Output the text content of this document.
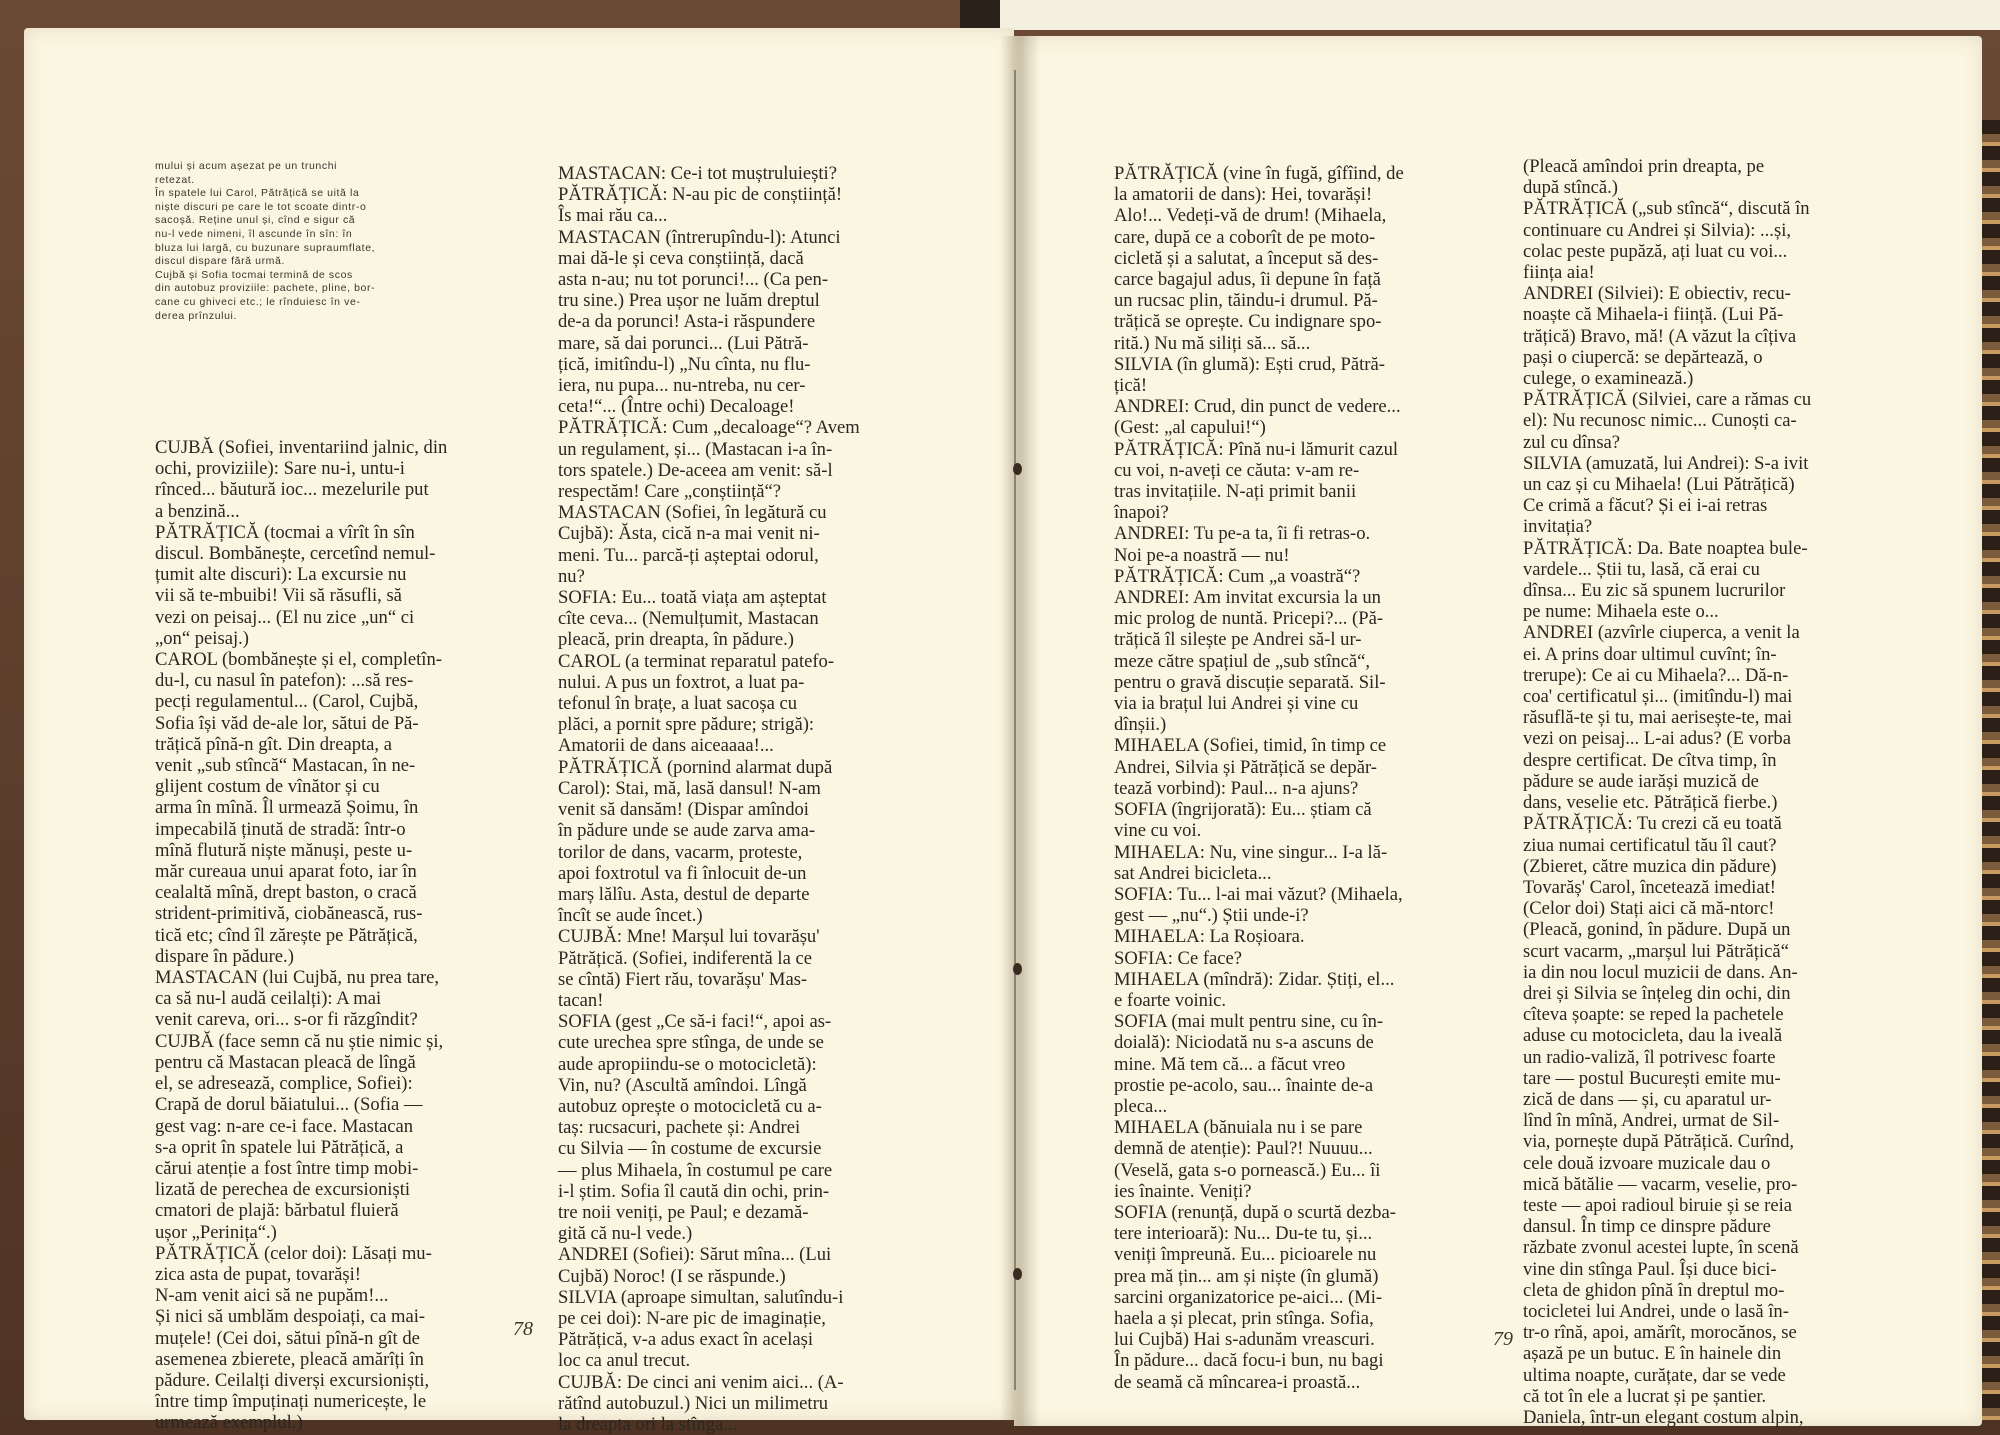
mului și acum așezat pe un trunchi
retezat.
În spatele lui Carol, Pătrățică se uită la
niște discuri pe care le tot scoate dintr-o
sacoșă. Reține unul și, cînd e sigur că
nu-l vede nimeni, îl ascunde în sîn: în
bluza lui largă, cu buzunare supraumflate,
discul dispare fără urmă.
Cujbă și Sofia tocmai termină de scos
din autobuz proviziile: pachete, pline, bor-
cane cu ghiveci etc.; le rînduiesc în ve-
derea prînzului.
CUJBĂ (Sofiei, inventariind jalnic, din
ochi, proviziile): Sare nu-i, untu-i
rînced... băutură ioc... mezelurile put
a benzină...
PĂTRĂȚICĂ (tocmai a vîrît în sîn
discul. Bombănește, cercetînd nemul-
țumit alte discuri): La excursie nu
vii să te-mbuibi! Vii să răsufli, să
vezi on peisaj... (El nu zice „un“ ci
„on“ peisaj.)
CAROL (bombănește și el, completîn-
du-l, cu nasul în patefon): ...să res-
pecți regulamentul... (Carol, Cujbă,
Sofia își văd de-ale lor, sătui de Pă-
trățică pînă-n gît. Din dreapta, a
venit „sub stîncă“ Mastacan, în ne-
glijent costum de vînător și cu
arma în mînă. Îl urmează Șoimu, în
impecabilă ținută de stradă: într-o
mînă flutură niște mănuși, peste u-
măr cureaua unui aparat foto, iar în
cealaltă mînă, drept baston, o cracă
strident-primitivă, ciobănească, rus-
tică etc; cînd îl zărește pe Pătrățică,
dispare în pădure.)
MASTACAN (lui Cujbă, nu prea tare,
ca să nu-l audă ceilalți): A mai
venit careva, ori... s-or fi răzgîndit?
CUJBĂ (face semn că nu știe nimic și,
pentru că Mastacan pleacă de lîngă
el, se adresează, complice, Sofiei):
Crapă de dorul băiatului... (Sofia —
gest vag: n-are ce-i face. Mastacan
s-a oprit în spatele lui Pătrățică, a
cărui atenție a fost între timp mobi-
lizată de perechea de excursioniști
cmatori de plajă: bărbatul fluieră
ușor „Perinița“.)
PĂTRĂȚICĂ (celor doi): Lăsați mu-
zica asta de pupat, tovarăși!
N-am venit aici să ne pupăm!...
Și nici să umblăm despoiați, ca mai-
muțele! (Cei doi, sătui pînă-n gît de
asemenea zbierete, pleacă amărîți în
pădure. Ceilalți diverși excursioniști,
între timp împuținați numericește, le
urmează exemplul.)
MASTACAN: Ce-i tot muștruluiești?
PĂTRĂȚICĂ: N-au pic de conștiință!
Îs mai rău ca...
MASTACAN (întrerupîndu-l): Atunci
mai dă-le și ceva conștiință, dacă
asta n-au; nu tot porunci!... (Ca pen-
tru sine.) Prea ușor ne luăm dreptul
de-a da porunci! Asta-i răspundere
mare, să dai porunci... (Lui Pătră-
țică, imitîndu-l) „Nu cînta, nu flu-
iera, nu pupa... nu-ntreba, nu cer-
ceta!“... (Între ochi) Decaloage!
PĂTRĂȚICĂ: Cum „decaloage“? Avem
un regulament, și... (Mastacan i-a în-
tors spatele.) De-aceea am venit: să-l
respectăm! Care „conștiință“?
MASTACAN (Sofiei, în legătură cu
Cujbă): Ăsta, cică n-a mai venit ni-
meni. Tu... parcă-ți așteptai odorul,
nu?
SOFIA: Eu... toată viața am așteptat
cîte ceva... (Nemulțumit, Mastacan
pleacă, prin dreapta, în pădure.)
CAROL (a terminat reparatul patefo-
nului. A pus un foxtrot, a luat pa-
tefonul în brațe, a luat sacoșa cu
plăci, a pornit spre pădure; strigă):
Amatorii de dans aiceaaaa!...
PĂTRĂȚICĂ (pornind alarmat după
Carol): Stai, mă, lasă dansul! N-am
venit să dansăm! (Dispar amîndoi
în pădure unde se aude zarva ama-
torilor de dans, vacarm, proteste,
apoi foxtrotul va fi înlocuit de-un
marș lălîu. Asta, destul de departe
încît se aude încet.)
CUJBĂ: Mne! Marșul lui tovarășu'
Pătrățică. (Sofiei, indiferentă la ce
se cîntă) Fiert rău, tovarășu' Mas-
tacan!
SOFIA (gest „Ce să-i faci!“, apoi as-
cute urechea spre stînga, de unde se
aude apropiindu-se o motocicletă):
Vin, nu? (Ascultă amîndoi. Lîngă
autobuz oprește o motocicletă cu a-
taș: rucsacuri, pachete și: Andrei
cu Silvia — în costume de excursie
— plus Mihaela, în costumul pe care
i-l știm. Sofia îl caută din ochi, prin-
tre noii veniți, pe Paul; e dezamă-
gită că nu-l vede.)
ANDREI (Sofiei): Sărut mîna... (Lui
Cujbă) Noroc! (I se răspunde.)
SILVIA (aproape simultan, salutîndu-i
pe cei doi): N-are pic de imaginație,
Pătrățică, v-a adus exact în același
loc ca anul trecut.
CUJBĂ: De cinci ani venim aici... (A-
rătînd autobuzul.) Nici un milimetru
la dreapta ori la stînga...
78
PĂTRĂȚICĂ (vine în fugă, gîfîind, de
la amatorii de dans): Hei, tovarăși!
Alo!... Vedeți-vă de drum! (Mihaela,
care, după ce a coborît de pe moto-
cicletă și a salutat, a început să des-
carce bagajul adus, îi depune în față
un rucsac plin, tăindu-i drumul. Pă-
trățică se oprește. Cu indignare spo-
rită.) Nu mă siliți să... să...
SILVIA (în glumă): Ești crud, Pătră-
țică!
ANDREI: Crud, din punct de vedere...
(Gest: „al capului!“)
PĂTRĂȚICĂ: Pînă nu-i lămurit cazul
cu voi, n-aveți ce căuta: v-am re-
tras invitațiile. N-ați primit banii
înapoi?
ANDREI: Tu pe-a ta, îi fi retras-o.
Noi pe-a noastră — nu!
PĂTRĂȚICĂ: Cum „a voastră“?
ANDREI: Am invitat excursia la un
mic prolog de nuntă. Pricepi?... (Pă-
trățică îl silește pe Andrei să-l ur-
meze către spațiul de „sub stîncă“,
pentru o gravă discuție separată. Sil-
via ia brațul lui Andrei și vine cu
dînșii.)
MIHAELA (Sofiei, timid, în timp ce
Andrei, Silvia și Pătrățică se depăr-
tează vorbind): Paul... n-a ajuns?
SOFIA (îngrijorată): Eu... știam că
vine cu voi.
MIHAELA: Nu, vine singur... I-a lă-
sat Andrei bicicleta...
SOFIA: Tu... l-ai mai văzut? (Mihaela,
gest — „nu“.) Știi unde-i?
MIHAELA: La Roșioara.
SOFIA: Ce face?
MIHAELA (mîndră): Zidar. Știți, el...
e foarte voinic.
SOFIA (mai mult pentru sine, cu în-
doială): Niciodată nu s-a ascuns de
mine. Mă tem că... a făcut vreo
prostie pe-acolo, sau... înainte de-a
pleca...
MIHAELA (bănuiala nu i se pare
demnă de atenție): Paul?! Nuuuu...
(Veselă, gata s-o pornească.) Eu... îi
ies înainte. Veniți?
SOFIA (renunță, după o scurtă dezba-
tere interioară): Nu... Du-te tu, și...
veniți împreună. Eu... picioarele nu
prea mă țin... am și niște (în glumă)
sarcini organizatorice pe-aici... (Mi-
haela a și plecat, prin stînga. Sofia,
lui Cujbă) Hai s-adunăm vreascuri.
În pădure... dacă focu-i bun, nu bagi
de seamă că mîncarea-i proastă...
(Pleacă amîndoi prin dreapta, pe
după stîncă.)
PĂTRĂȚICĂ („sub stîncă“, discută în
continuare cu Andrei și Silvia): ...și,
colac peste pupăză, ați luat cu voi...
ființa aia!
ANDREI (Silviei): E obiectiv, recu-
noaște că Mihaela-i ființă. (Lui Pă-
trățică) Bravo, mă! (A văzut la cîțiva
pași o ciupercă: se depărtează, o
culege, o examinează.)
PĂTRĂȚICĂ (Silviei, care a rămas cu
el): Nu recunosc nimic... Cunoști ca-
zul cu dînsa?
SILVIA (amuzată, lui Andrei): S-a ivit
un caz și cu Mihaela! (Lui Pătrățică)
Ce crimă a făcut? Și ei i-ai retras
invitația?
PĂTRĂȚICĂ: Da. Bate noaptea bule-
vardele... Știi tu, lasă, că erai cu
dînsa... Eu zic să spunem lucrurilor
pe nume: Mihaela este o...
ANDREI (azvîrle ciuperca, a venit la
ei. A prins doar ultimul cuvînt; în-
trerupe): Ce ai cu Mihaela?... Dă-n-
coa' certificatul și... (imitîndu-l) mai
răsuflă-te și tu, mai aerisește-te, mai
vezi on peisaj... L-ai adus? (E vorba
despre certificat. De cîtva timp, în
pădure se aude iarăși muzică de
dans, veselie etc. Pătrățică fierbe.)
PĂTRĂȚICĂ: Tu crezi că eu toată
ziua numai certificatul tău îl caut?
(Zbieret, către muzica din pădure)
Tovarăș' Carol, încetează imediat!
(Celor doi) Stați aici că mă-ntorc!
(Pleacă, gonind, în pădure. După un
scurt vacarm, „marșul lui Pătrățică“
ia din nou locul muzicii de dans. An-
drei și Silvia se înțeleg din ochi, din
cîteva șoapte: se reped la pachetele
aduse cu motocicleta, dau la iveală
un radio-valiză, îl potrivesc foarte
tare — postul București emite mu-
zică de dans — și, cu aparatul ur-
lînd în mînă, Andrei, urmat de Sil-
via, pornește după Pătrățică. Curînd,
cele două izvoare muzicale dau o
mică bătălie — vacarm, veselie, pro-
teste — apoi radioul biruie și se reia
dansul. În timp ce dinspre pădure
răzbate zvonul acestei lupte, în scenă
vine din stînga Paul. Își duce bici-
cleta de ghidon pînă în dreptul mo-
tocicletei lui Andrei, unde o lasă în-
tr-o rînă, apoi, amărît, morocănos, se
așază pe un butuc. E în hainele din
ultima noapte, curățate, dar se vede
că tot în ele a lucrat și pe șantier.
Daniela, într-un elegant costum alpin,
79
